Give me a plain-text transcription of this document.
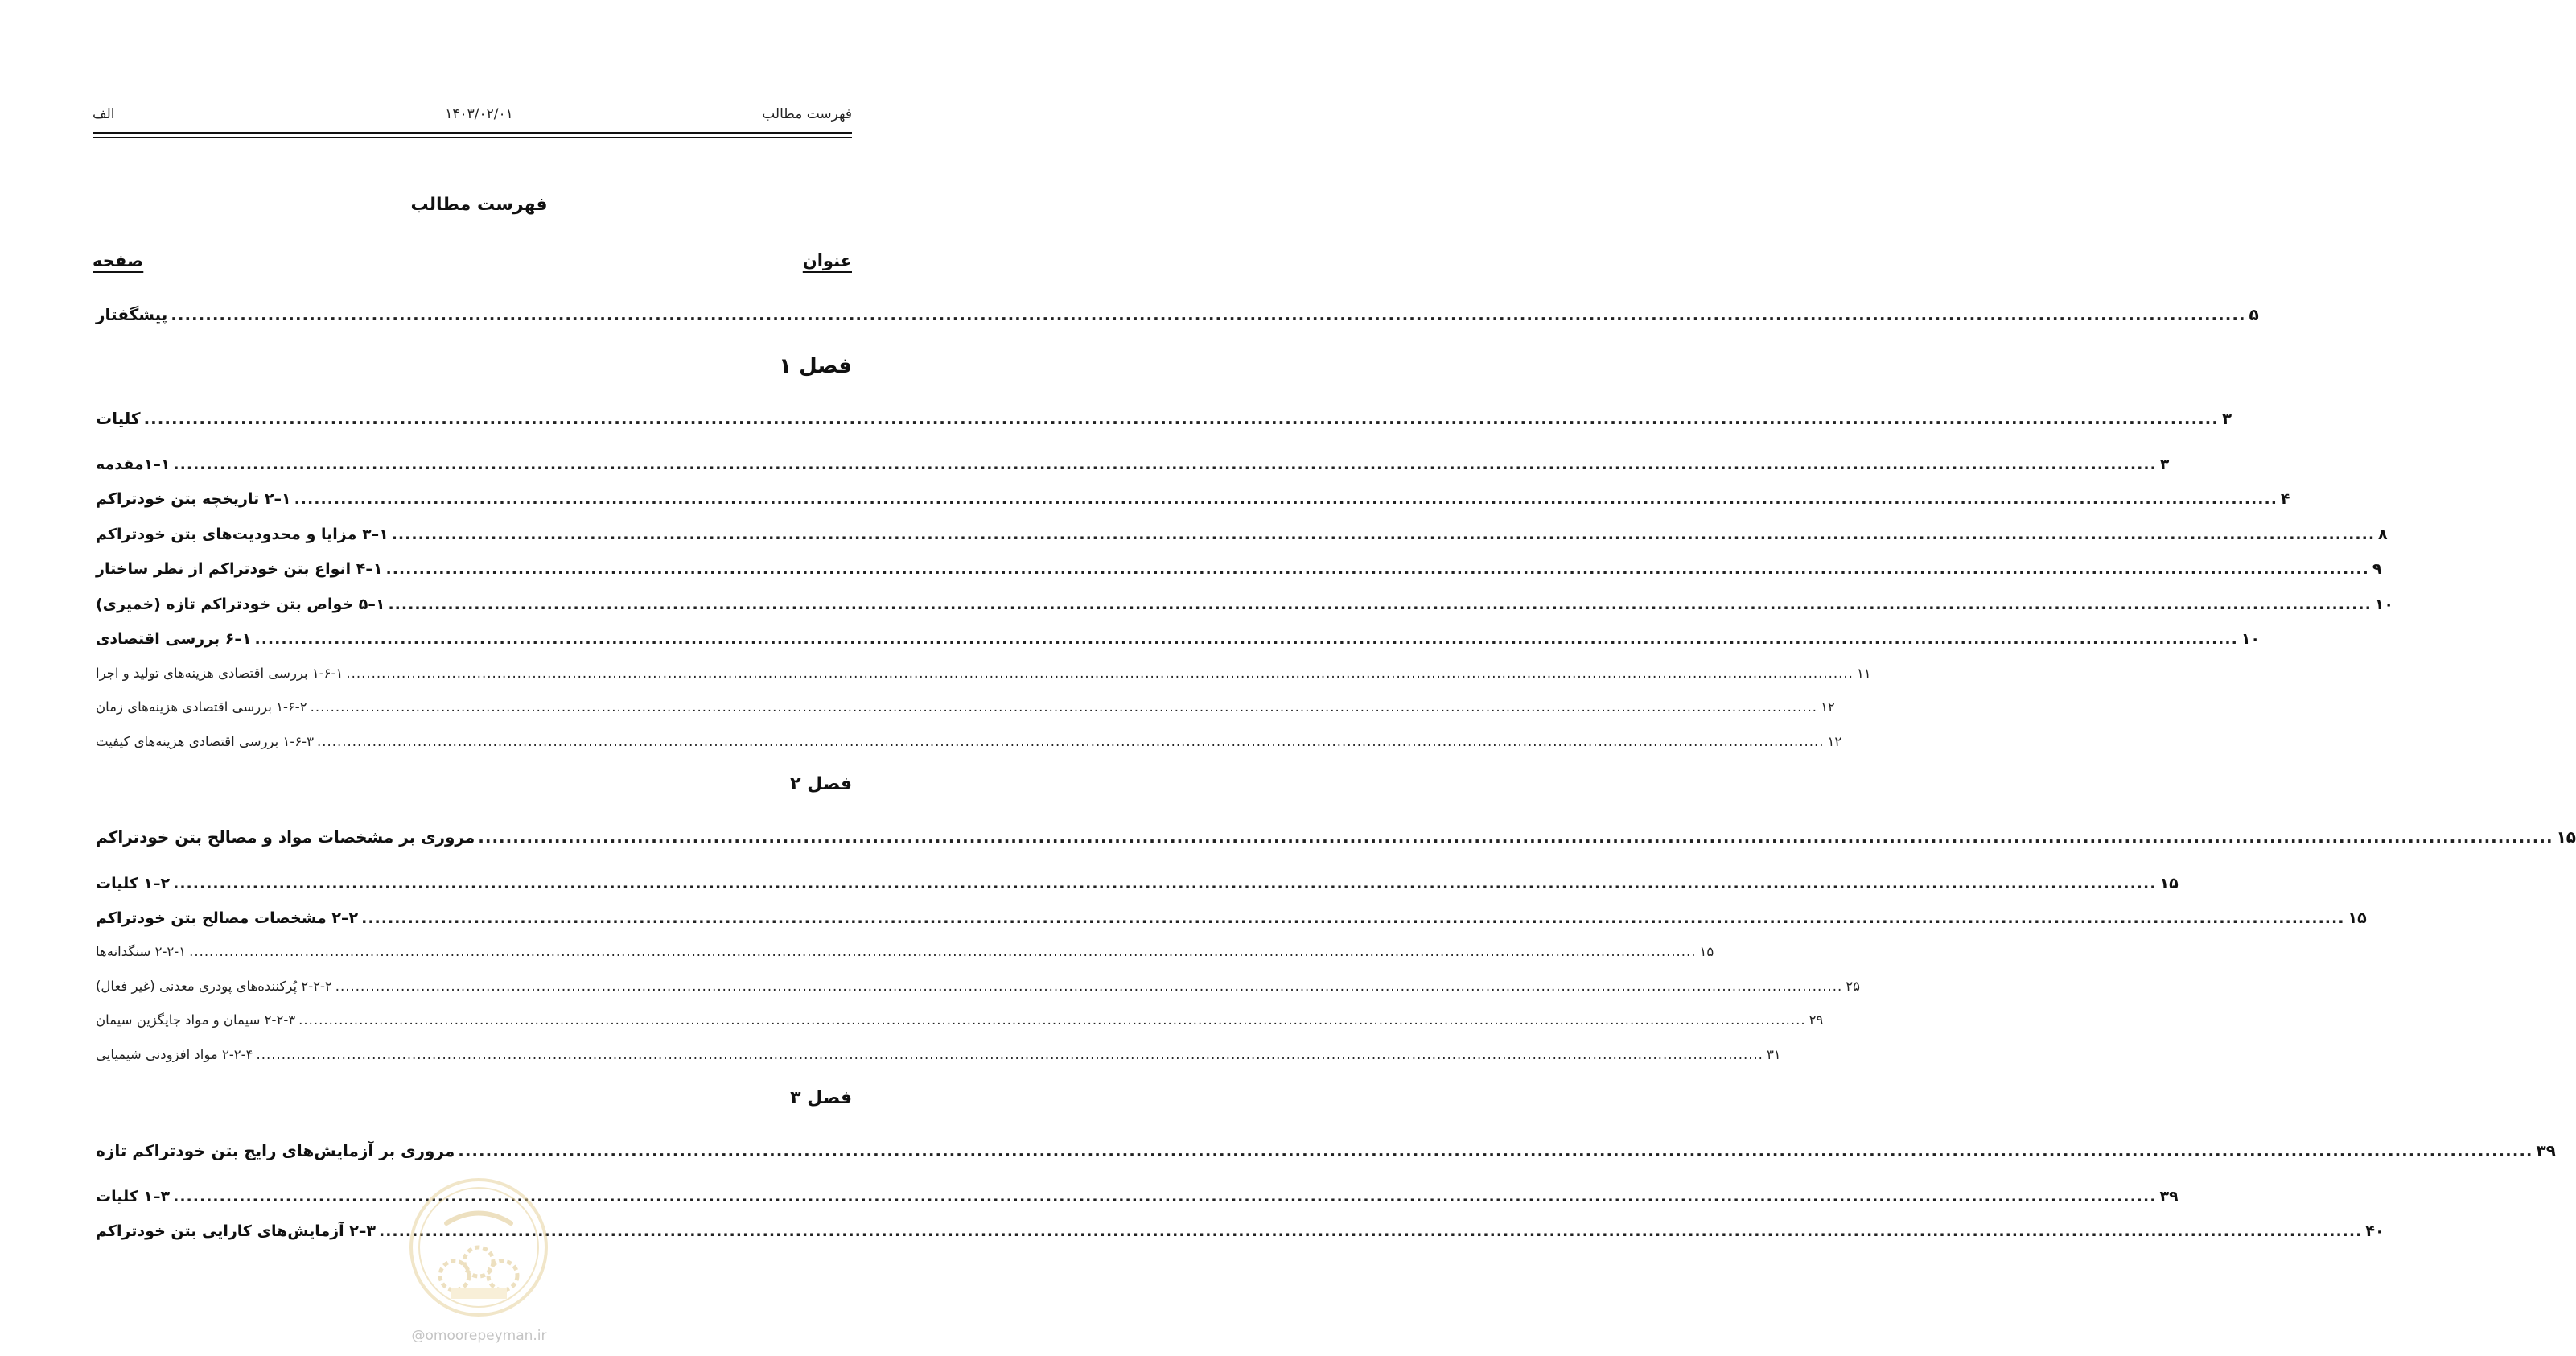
فهرست مطالب
۱۴۰۳/۰۲/۰۱
الف
فهرست مطالب
عنوان
صفحه
پیشگفتار ............................................................................................................................................................................................................................................................................................................ ۵
فصل ۱
کلیات ............................................................................................................................................................................................................................................................................................................ ۳
۱–۱مقدمه ............................................................................................................................................................................................................................................................................................................ ۳
۱–۲ تاریخچه بتن خودتراکم ............................................................................................................................................................................................................................................................................................................ ۴
۱–۳ مزایا و محدودیت‌های بتن خودتراکم ............................................................................................................................................................................................................................................................................................................ ۸
۱–۴ انواع بتن خودتراکم از نظر ساختار ............................................................................................................................................................................................................................................................................................................ ۹
۱–۵ خواص بتن خودتراکم تازه (خمیری) ............................................................................................................................................................................................................................................................................................................ ۱۰
۱–۶ بررسی اقتصادی ............................................................................................................................................................................................................................................................................................................ ۱۰
۱-۶-۱ بررسی اقتصادی هزینه‌های تولید و اجرا ............................................................................................................................................................................................................................................................................................................ ۱۱
۱-۶-۲ بررسی اقتصادی هزینه‌های زمان ............................................................................................................................................................................................................................................................................................................ ۱۲
۱-۶-۳ بررسی اقتصادی هزینه‌های کیفیت ............................................................................................................................................................................................................................................................................................................ ۱۲
فصل ۲
مروری بر مشخصات مواد و مصالح بتن خودتراکم ............................................................................................................................................................................................................................................................................................................ ۱۵
۲–۱ کلیات ............................................................................................................................................................................................................................................................................................................ ۱۵
۲–۲ مشخصات مصالح بتن خودتراکم ............................................................................................................................................................................................................................................................................................................ ۱۵
۲-۲-۱ سنگدانه‌ها ............................................................................................................................................................................................................................................................................................................ ۱۵
۲-۲-۲ پُرکننده‌های پودری معدنی (غیر فعال) ............................................................................................................................................................................................................................................................................................................ ۲۵
۲-۲-۳ سیمان و مواد جایگزین سیمان ............................................................................................................................................................................................................................................................................................................ ۲۹
۲-۲-۴ مواد افزودنی شیمیایی ............................................................................................................................................................................................................................................................................................................ ۳۱
فصل ۳
مروری بر آزمایش‌های رایج بتن خودتراکم تازه ............................................................................................................................................................................................................................................................................................................ ۳۹
۳–۱ کلیات ............................................................................................................................................................................................................................................................................................................ ۳۹
۳–۲ آزمایش‌های کارایی بتن خودتراکم ............................................................................................................................................................................................................................................................................................................ ۴۰
@omoorepeyman.ir
